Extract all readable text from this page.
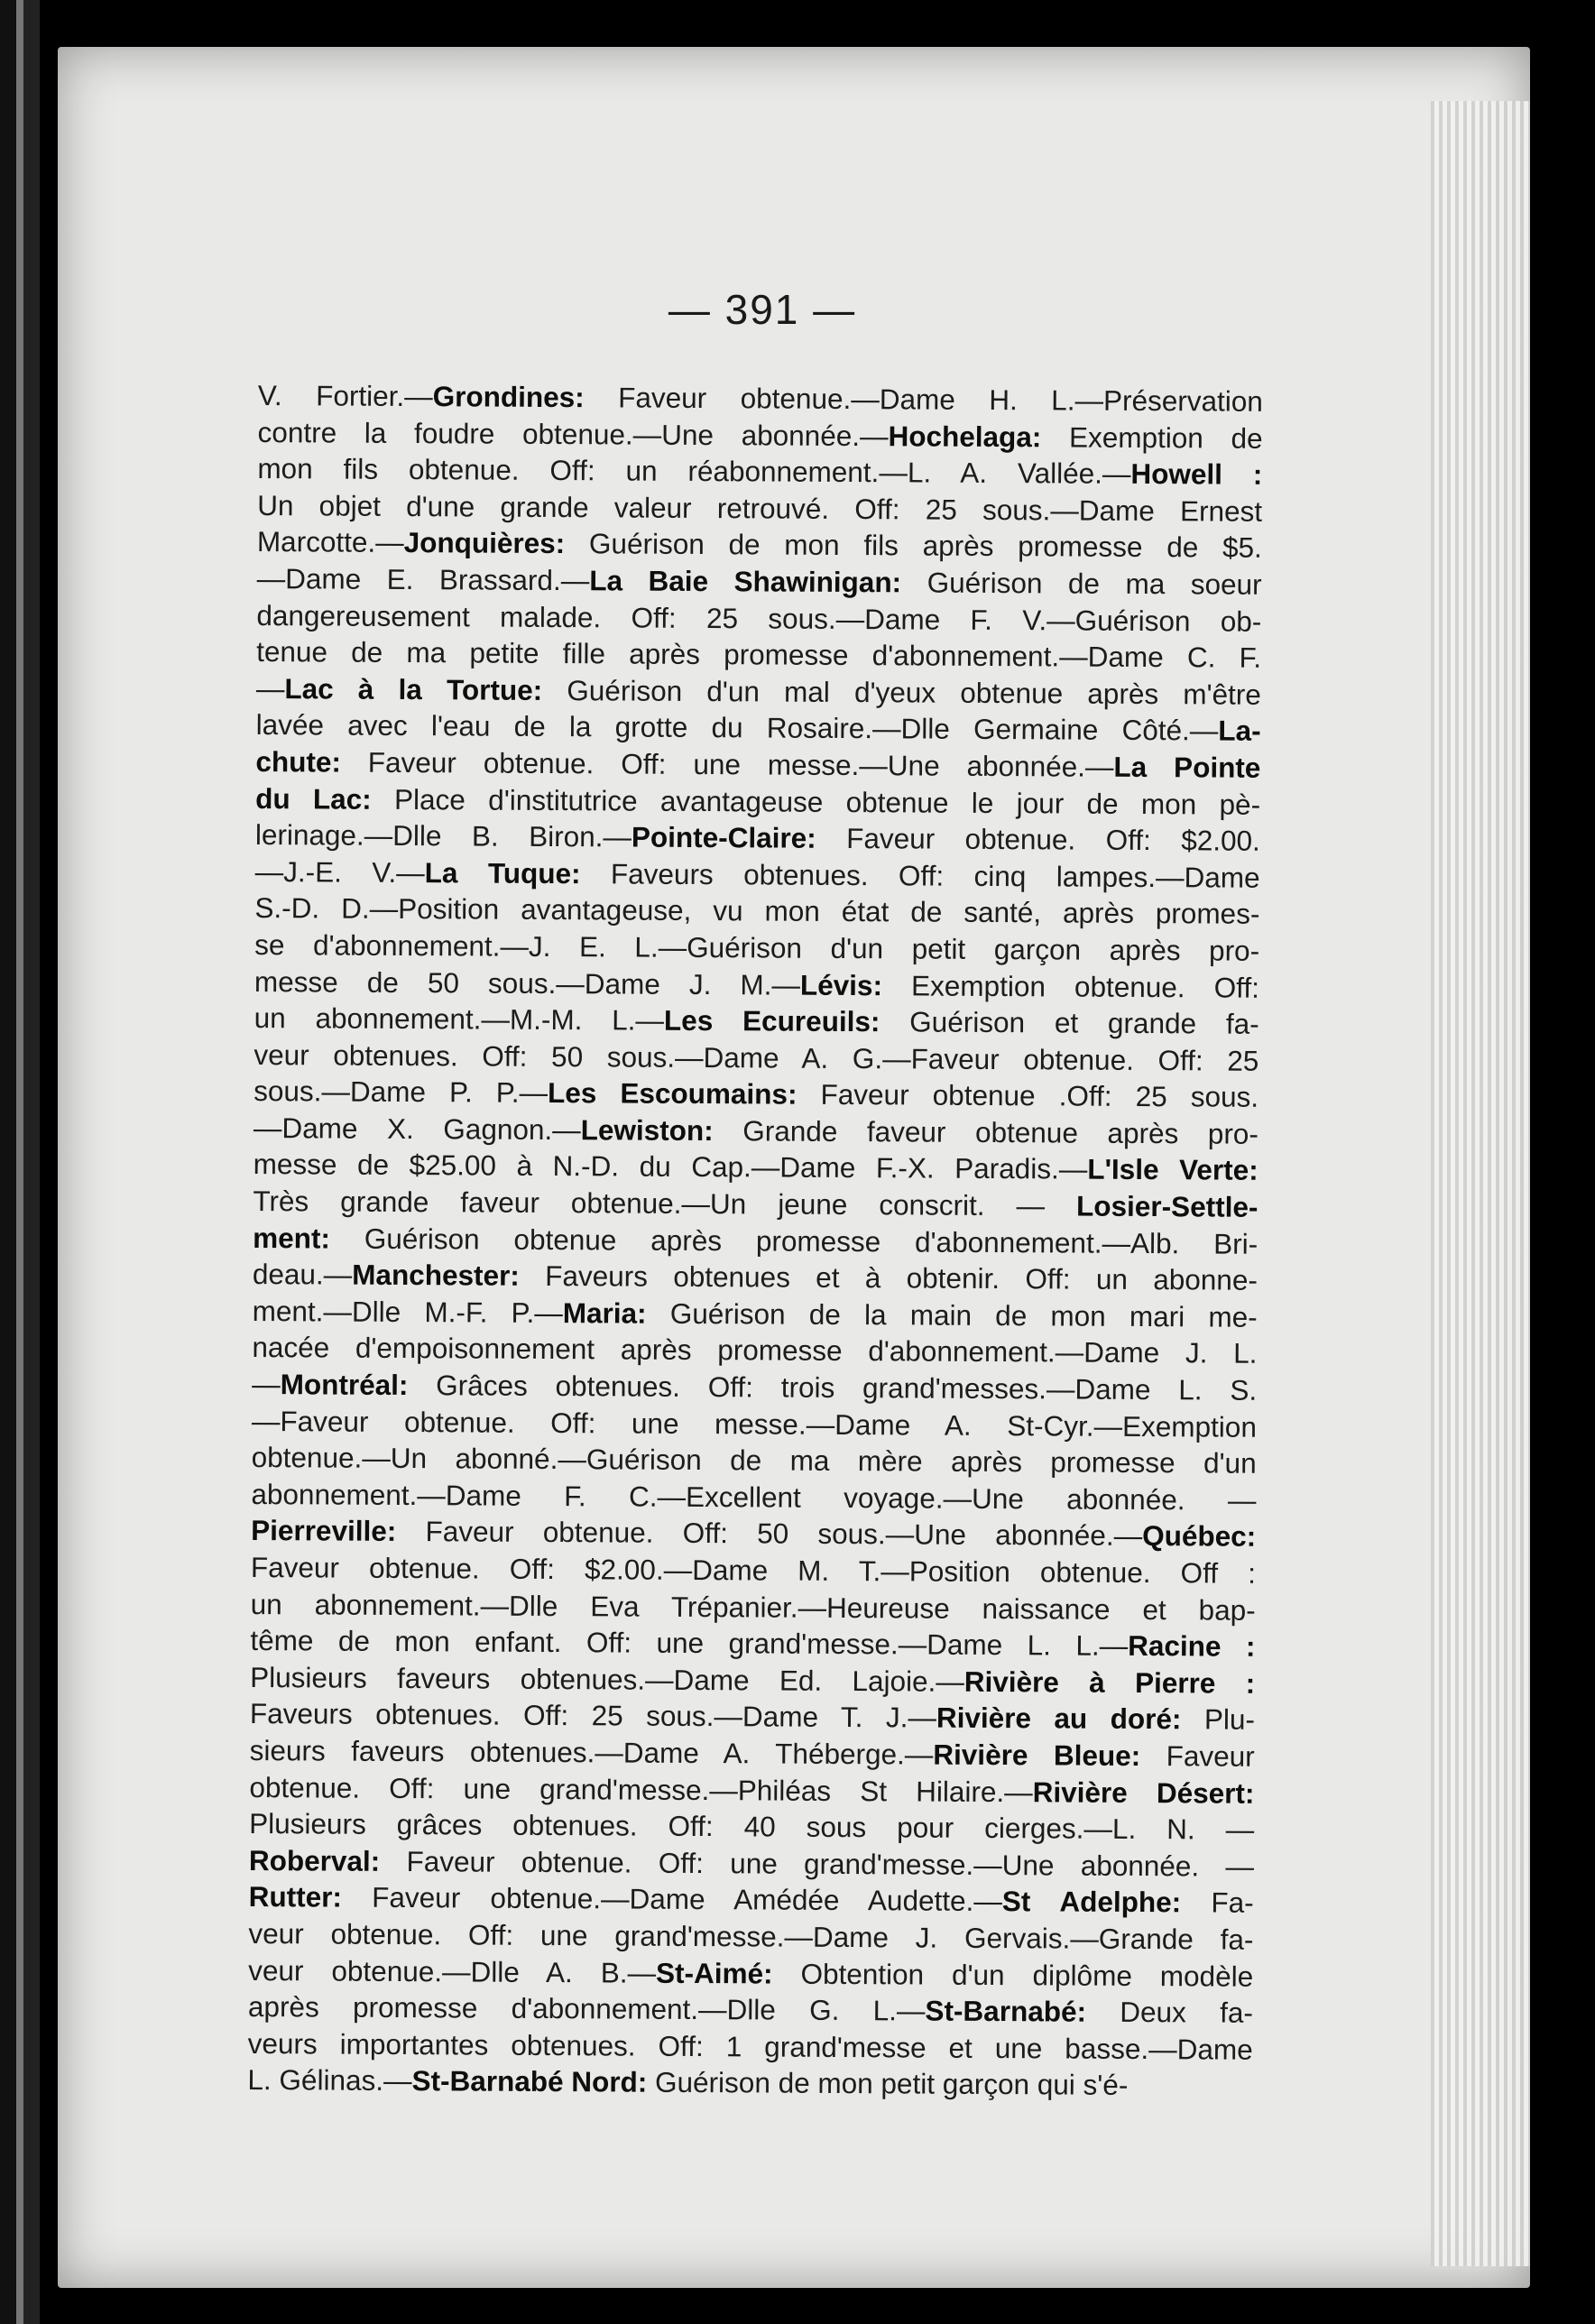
— 391 —
V. Fortier.—Grondines: Faveur obtenue.—Dame H. L.—Préservation
contre la foudre obtenue.—Une abonnée.—Hochelaga: Exemption de
mon fils obtenue. Off: un réabonnement.—L. A. Vallée.—Howell :
Un objet d'une grande valeur retrouvé. Off: 25 sous.—Dame Ernest
Marcotte.—Jonquières: Guérison de mon fils après promesse de $5.
—Dame E. Brassard.—La Baie Shawinigan: Guérison de ma soeur
dangereusement malade. Off: 25 sous.—Dame F. V.—Guérison ob-
tenue de ma petite fille après promesse d'abonnement.—Dame C. F.
—Lac à la Tortue: Guérison d'un mal d'yeux obtenue après m'être
lavée avec l'eau de la grotte du Rosaire.—Dlle Germaine Côté.—La-
chute: Faveur obtenue. Off: une messe.—Une abonnée.—La Pointe
du Lac: Place d'institutrice avantageuse obtenue le jour de mon pè-
lerinage.—Dlle B. Biron.—Pointe-Claire: Faveur obtenue. Off: $2.00.
—J.-E. V.—La Tuque: Faveurs obtenues. Off: cinq lampes.—Dame
S.-D. D.—Position avantageuse, vu mon état de santé, après promes-
se d'abonnement.—J. E. L.—Guérison d'un petit garçon après pro-
messe de 50 sous.—Dame J. M.—Lévis: Exemption obtenue. Off:
un abonnement.—M.-M. L.—Les Ecureuils: Guérison et grande fa-
veur obtenues. Off: 50 sous.—Dame A. G.—Faveur obtenue. Off: 25
sous.—Dame P. P.—Les Escoumains: Faveur obtenue .Off: 25 sous.
—Dame X. Gagnon.—Lewiston: Grande faveur obtenue après pro-
messe de $25.00 à N.-D. du Cap.—Dame F.-X. Paradis.—L'Isle Verte:
Très grande faveur obtenue.—Un jeune conscrit. — Losier-Settle-
ment: Guérison obtenue après promesse d'abonnement.—Alb. Bri-
deau.—Manchester: Faveurs obtenues et à obtenir. Off: un abonne-
ment.—Dlle M.-F. P.—Maria: Guérison de la main de mon mari me-
nacée d'empoisonnement après promesse d'abonnement.—Dame J. L.
—Montréal: Grâces obtenues. Off: trois grand'messes.—Dame L. S.
—Faveur obtenue. Off: une messe.—Dame A. St-Cyr.—Exemption
obtenue.—Un abonné.—Guérison de ma mère après promesse d'un
abonnement.—Dame F. C.—Excellent voyage.—Une abonnée. —
Pierreville: Faveur obtenue. Off: 50 sous.—Une abonnée.—Québec:
Faveur obtenue. Off: $2.00.—Dame M. T.—Position obtenue. Off :
un abonnement.—Dlle Eva Trépanier.—Heureuse naissance et bap-
tême de mon enfant. Off: une grand'messe.—Dame L. L.—Racine :
Plusieurs faveurs obtenues.—Dame Ed. Lajoie.—Rivière à Pierre :
Faveurs obtenues. Off: 25 sous.—Dame T. J.—Rivière au doré: Plu-
sieurs faveurs obtenues.—Dame A. Théberge.—Rivière Bleue: Faveur
obtenue. Off: une grand'messe.—Philéas St Hilaire.—Rivière Désert:
Plusieurs grâces obtenues. Off: 40 sous pour cierges.—L. N. —
Roberval: Faveur obtenue. Off: une grand'messe.—Une abonnée. —
Rutter: Faveur obtenue.—Dame Amédée Audette.—St Adelphe: Fa-
veur obtenue. Off: une grand'messe.—Dame J. Gervais.—Grande fa-
veur obtenue.—Dlle A. B.—St-Aimé: Obtention d'un diplôme modèle
après promesse d'abonnement.—Dlle G. L.—St-Barnabé: Deux fa-
veurs importantes obtenues. Off: 1 grand'messe et une basse.—Dame
L. Gélinas.—St-Barnabé Nord: Guérison de mon petit garçon qui s'é-
